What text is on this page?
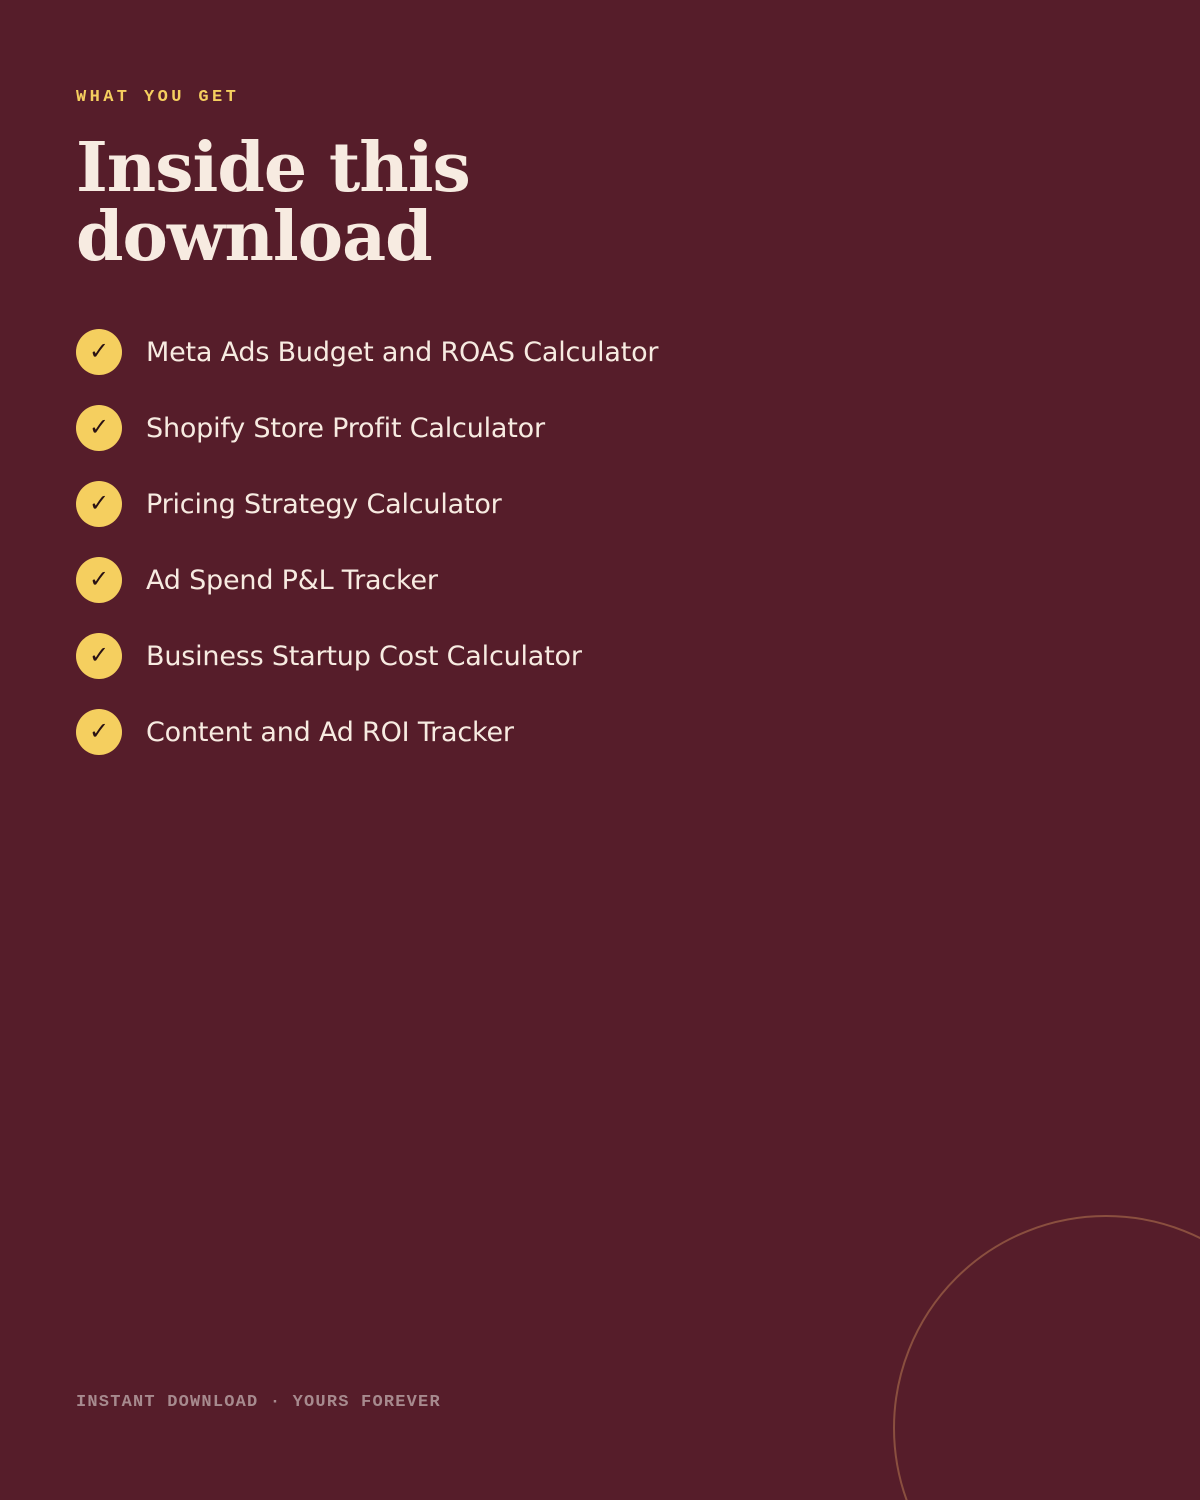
WHAT YOU GET

Inside this download
✓	Meta Ads Budget and ROAS Calculator
✓	Shopify Store Profit Calculator
✓	Pricing Strategy Calculator
✓	Ad Spend P&L Tracker
✓	Business Startup Cost Calculator
✓	Content and Ad ROI Tracker

INSTANT DOWNLOAD · YOURS FOREVER
